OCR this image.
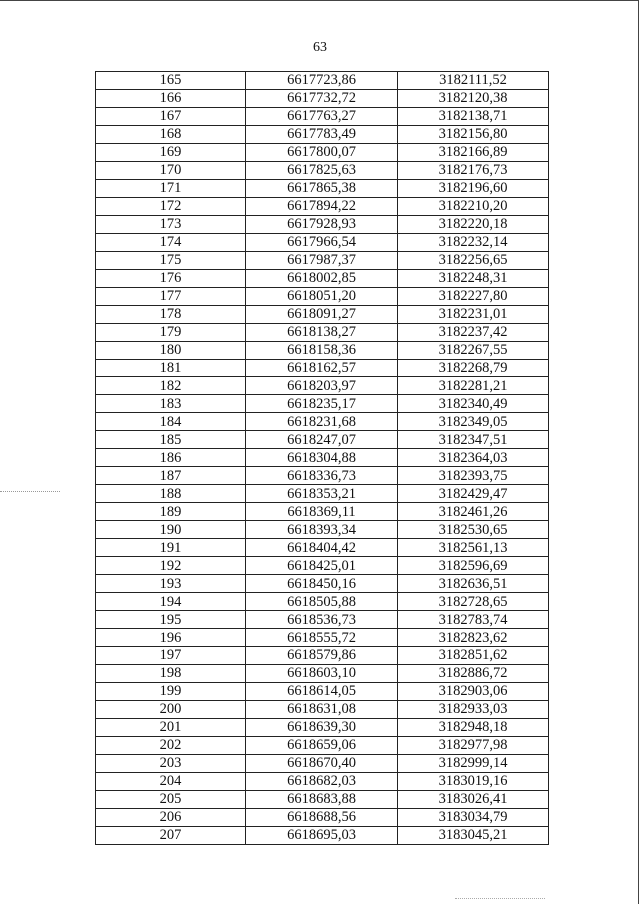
63
165	6617723,86	3182111,52
166	6617732,72	3182120,38
167	6617763,27	3182138,71
168	6617783,49	3182156,80
169	6617800,07	3182166,89
170	6617825,63	3182176,73
171	6617865,38	3182196,60
172	6617894,22	3182210,20
173	6617928,93	3182220,18
174	6617966,54	3182232,14
175	6617987,37	3182256,65
176	6618002,85	3182248,31
177	6618051,20	3182227,80
178	6618091,27	3182231,01
179	6618138,27	3182237,42
180	6618158,36	3182267,55
181	6618162,57	3182268,79
182	6618203,97	3182281,21
183	6618235,17	3182340,49
184	6618231,68	3182349,05
185	6618247,07	3182347,51
186	6618304,88	3182364,03
187	6618336,73	3182393,75
188	6618353,21	3182429,47
189	6618369,11	3182461,26
190	6618393,34	3182530,65
191	6618404,42	3182561,13
192	6618425,01	3182596,69
193	6618450,16	3182636,51
194	6618505,88	3182728,65
195	6618536,73	3182783,74
196	6618555,72	3182823,62
197	6618579,86	3182851,62
198	6618603,10	3182886,72
199	6618614,05	3182903,06
200	6618631,08	3182933,03
201	6618639,30	3182948,18
202	6618659,06	3182977,98
203	6618670,40	3182999,14
204	6618682,03	3183019,16
205	6618683,88	3183026,41
206	6618688,56	3183034,79
207	6618695,03	3183045,21
